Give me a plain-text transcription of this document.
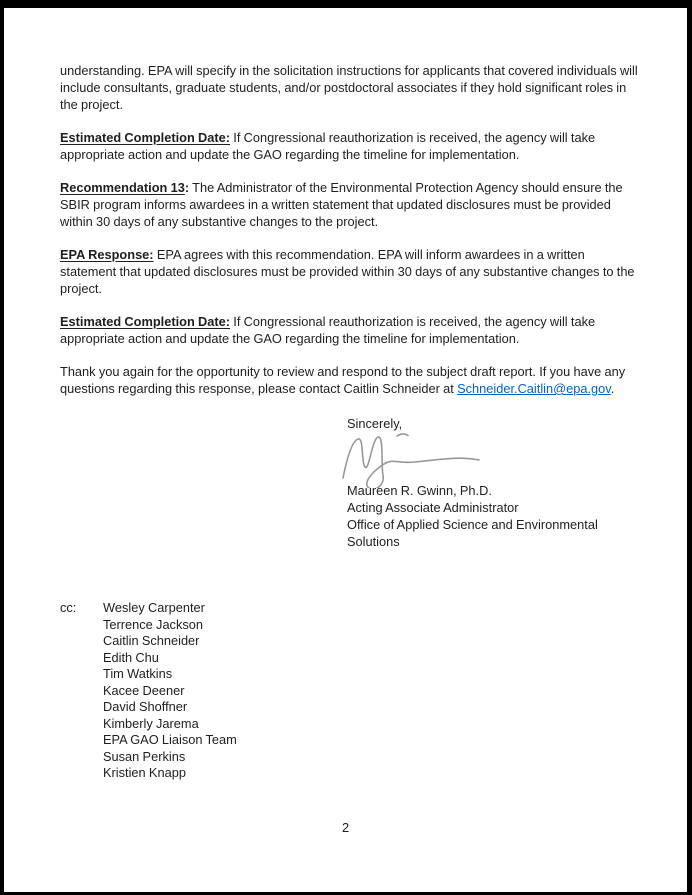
understanding. EPA will specify in the solicitation instructions for applicants that covered individuals will include consultants, graduate students, and/or postdoctoral associates if they hold significant roles in the project.

Estimated Completion Date: If Congressional reauthorization is received, the agency will take appropriate action and update the GAO regarding the timeline for implementation.

Recommendation 13: The Administrator of the Environmental Protection Agency should ensure the SBIR program informs awardees in a written statement that updated disclosures must be provided within 30 days of any substantive changes to the project.

EPA Response: EPA agrees with this recommendation. EPA will inform awardees in a written statement that updated disclosures must be provided within 30 days of any substantive changes to the project.

Estimated Completion Date: If Congressional reauthorization is received, the agency will take appropriate action and update the GAO regarding the timeline for implementation.

Thank you again for the opportunity to review and respond to the subject draft report. If you have any questions regarding this response, please contact Caitlin Schneider at Schneider.Caitlin@epa.gov.

Sincerely,
Maureen R. Gwinn, Ph.D.
Acting Associate Administrator
Office of Applied Science and Environmental
Solutions
cc:	Wesley Carpenter
Terrence Jackson
Caitlin Schneider
Edith Chu
Tim Watkins
Kacee Deener
David Shoffner
Kimberly Jarema
EPA GAO Liaison Team
Susan Perkins
Kristien Knapp
2
